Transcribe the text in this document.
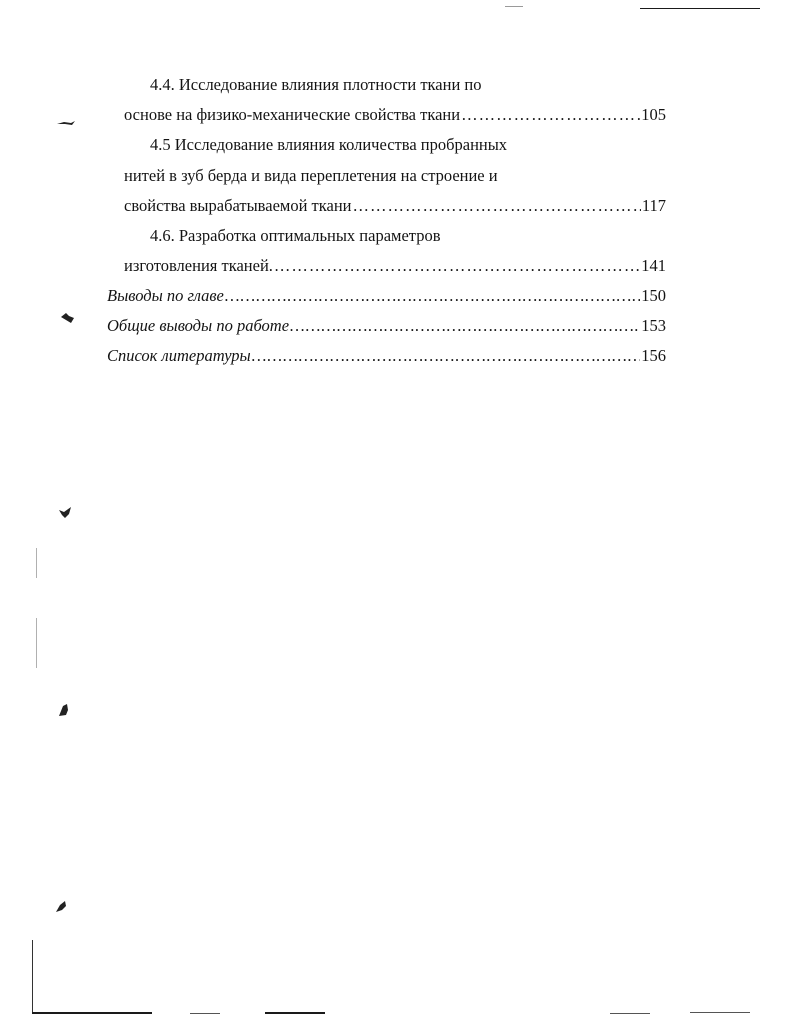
4.4. Исследование влияния плотности ткани по
основе на физико-механические свойства ткани ……………………………………………………………………………………………………………………………………………………	105
4.5 Исследование влияния количества пробранных
нитей в зуб берда и вида переплетения на строение и
свойства вырабатываемой ткани ……………………………………………………………………………………………………………………………………………………	117
4.6. Разработка оптимальных параметров
изготовления тканей. ……………………………………………………………………………………………………………………………………………………	141
Выводы по главе ……………………………………………………………………………………………………………………………………………………	150
Общие выводы по работе ……………………………………………………………………………………………………………………………………………………	153
Список литературы ……………………………………………………………………………………………………………………………………………………	156
